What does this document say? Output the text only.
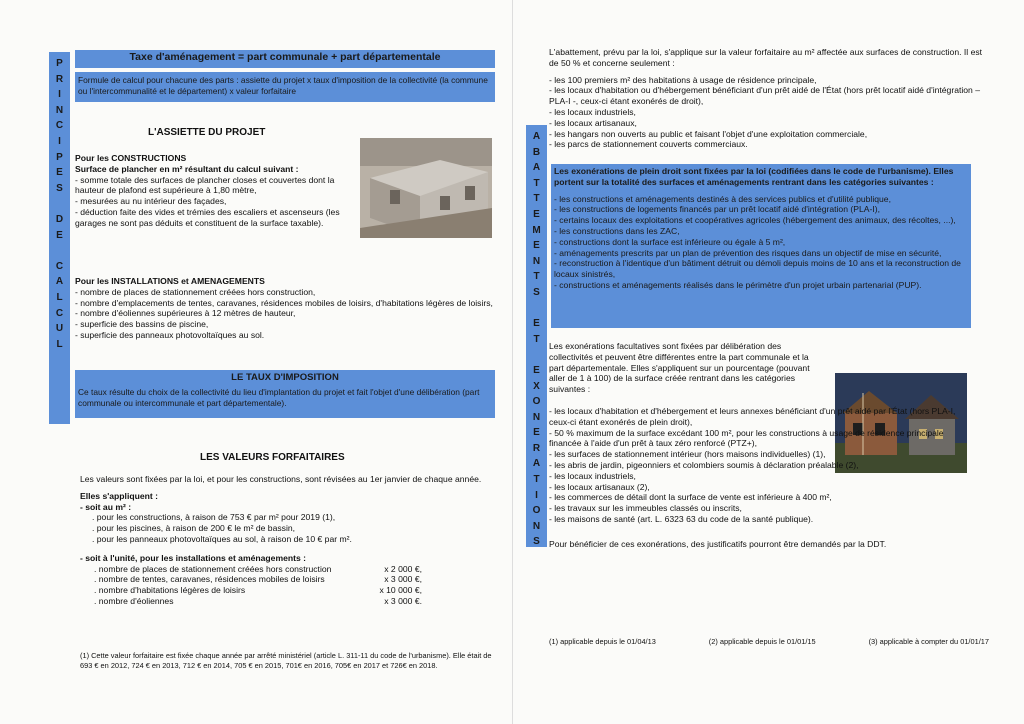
P
R
I
N
C
I
P
E
S

D
E

C
A
L
C
U
L
Taxe d'aménagement = part communale + part départementale
Formule de calcul pour chacune des parts : assiette du projet x taux d'imposition de la collectivité (la commune ou l'intercommunalité et le département) x valeur forfaitaire
L'ASSIETTE DU PROJET
Pour les CONSTRUCTIONS
Surface de plancher en m² résultant du calcul suivant :
- somme totale des surfaces de plancher closes et couvertes dont la hauteur de plafond est supérieure à 1,80 mètre,
- mesurées au nu intérieur des façades,
- déduction faite des vides et trémies des escaliers et ascenseurs (les garages ne sont pas déduits et constituent de la surface taxable).
Pour les INSTALLATIONS et AMENAGEMENTS
- nombre de places de stationnement créées hors construction,
- nombre d'emplacements de tentes, caravanes, résidences mobiles de loisirs, d'habitations légères de loisirs,
- nombre d'éoliennes supérieures à 12 mètres de hauteur,
- superficie des bassins de piscine,
- superficie des panneaux photovoltaïques au sol.
LE TAUX D'IMPOSITION
Ce taux résulte du choix de la collectivité du lieu d'implantation du projet et fait l'objet d'une délibération (part communale ou intercommunale et part départementale).
LES VALEURS FORFAITAIRES
Les valeurs sont fixées par la loi, et pour les constructions, sont révisées au 1er janvier de chaque année.
Elles s'appliquent :
- soit au m² :
. pour les constructions, à raison de 753 € par m² pour 2019 (1),
. pour les piscines, à raison de 200 € le m² de bassin,
. pour les panneaux photovoltaïques au sol, à raison de 10 € par m².
- soit à l'unité, pour les installations et aménagements :
. nombre de places de stationnement créées hors construction	x 2 000 €,
. nombre de tentes, caravanes, résidences mobiles de loisirs	x 3 000 €,
. nombre d'habitations légères de loisirs	x 10 000 €,
. nombre d'éoliennes	x 3 000 €.
(1) Cette valeur forfaitaire est fixée chaque année par arrêté ministériel (article L. 311-11 du code de l'urbanisme). Elle était de 693 € en 2012, 724 € en 2013, 712 € en 2014, 705 € en 2015, 701€ en 2016, 705€ en 2017 et 726€ en 2018.
A
B
A
T
T
E
M
E
N
T
S

E
T

E
X
O
N
E
R
A
T
I
O
N
S
L'abattement, prévu par la loi, s'applique sur la valeur forfaitaire au m² affectée aux surfaces de construction. Il est de 50 % et concerne seulement :
- les 100 premiers m² des habitations à usage de résidence principale,
- les locaux d'habitation ou d'hébergement bénéficiant d'un prêt aidé de l'État (hors prêt locatif aidé d'intégration – PLA-I -, ceux-ci étant exonérés de droit),
- les locaux industriels,
- les locaux artisanaux,
- les hangars non ouverts au public et faisant l'objet d'une exploitation commerciale,
- les parcs de stationnement couverts commerciaux.
Les exonérations de plein droit sont fixées par la loi (codifiées dans le code de l'urbanisme). Elles portent sur la totalité des surfaces et aménagements rentrant dans les catégories suivantes :
- les constructions et aménagements destinés à des services publics et d'utilité publique,
- les constructions de logements financés par un prêt locatif aidé d'intégration (PLA-I),
- certains locaux des exploitations et coopératives agricoles (hébergement des animaux, des récoltes, ...),
- les constructions dans les ZAC,
- constructions dont la surface est inférieure ou égale à 5 m²,
- aménagements prescrits par un plan de prévention des risques dans un objectif de mise en sécurité,
- reconstruction à l'identique d'un bâtiment détruit ou démoli depuis moins de 10 ans et la reconstruction de locaux sinistrés,
- constructions et aménagements réalisés dans le périmètre d'un projet urbain partenarial (PUP).
Les exonérations facultatives sont fixées par délibération des collectivités et peuvent être différentes entre la part communale et la part départementale. Elles s'appliquent sur un pourcentage (pouvant aller de 1 à 100) de la surface créée rentrant dans les catégories suivantes :
- les locaux d'habitation et d'hébergement et leurs annexes bénéficiant d'un prêt aidé par l'État (hors PLA-I, ceux-ci étant exonérés de plein droit),
- 50 % maximum de la surface excédant 100 m², pour les constructions à usage de résidence principale financée à l'aide d'un prêt à taux zéro renforcé (PTZ+),
- les surfaces de stationnement intérieur (hors maisons individuelles) (1),
- les abris de jardin, pigeonniers et colombiers soumis à déclaration préalable (2),
- les locaux industriels,
- les locaux artisanaux (2),
- les commerces de détail dont la surface de vente est inférieure à 400 m²,
- les travaux sur les immeubles classés ou inscrits,
- les maisons de santé (art. L. 6323 63 du code de la santé publique).
Pour bénéficier de ces exonérations, des justificatifs pourront être demandés par la DDT.
(1) applicable depuis le 01/04/13	(2) applicable depuis le 01/01/15	(3) applicable à compter du 01/01/17
